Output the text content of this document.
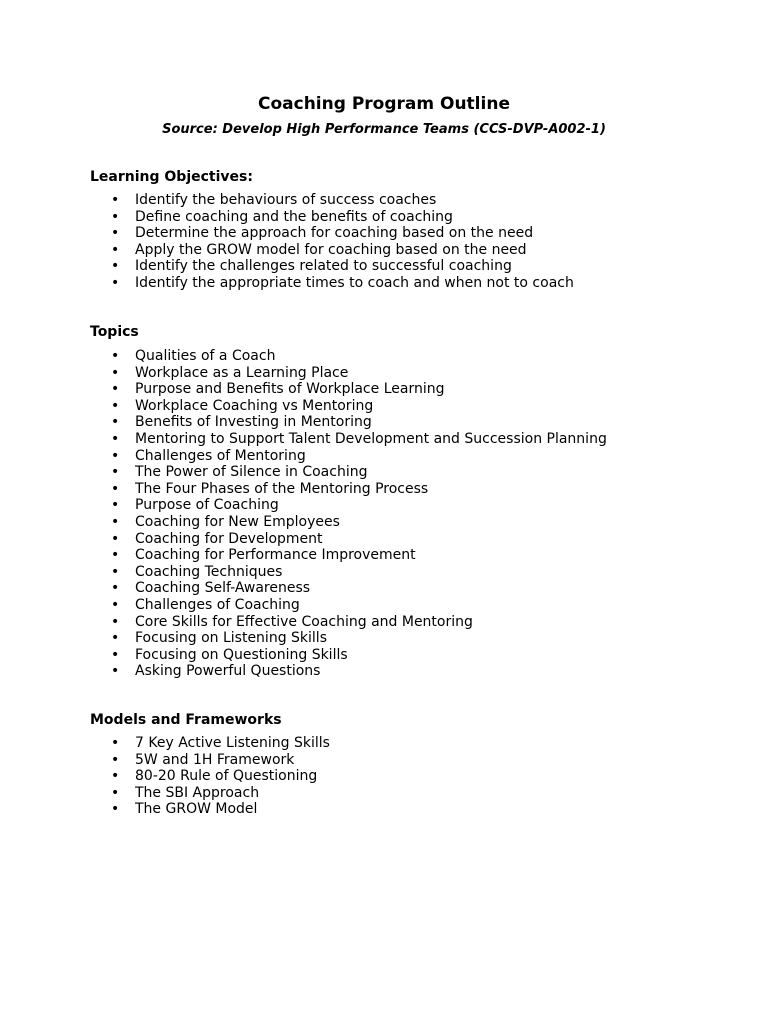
Coaching Program Outline
Source: Develop High Performance Teams (CCS-DVP-A002-1)
Learning Objectives:
• Identify the behaviours of success coaches
• Define coaching and the benefits of coaching
• Determine the approach for coaching based on the need
• Apply the GROW model for coaching based on the need
• Identify the challenges related to successful coaching
• Identify the appropriate times to coach and when not to coach
Topics
• Qualities of a Coach
• Workplace as a Learning Place
• Purpose and Benefits of Workplace Learning
• Workplace Coaching vs Mentoring
• Benefits of Investing in Mentoring
• Mentoring to Support Talent Development and Succession Planning
• Challenges of Mentoring
• The Power of Silence in Coaching
• The Four Phases of the Mentoring Process
• Purpose of Coaching
• Coaching for New Employees
• Coaching for Development
• Coaching for Performance Improvement
• Coaching Techniques
• Coaching Self-Awareness
• Challenges of Coaching
• Core Skills for Effective Coaching and Mentoring
• Focusing on Listening Skills
• Focusing on Questioning Skills
• Asking Powerful Questions
Models and Frameworks
• 7 Key Active Listening Skills
• 5W and 1H Framework
• 80-20 Rule of Questioning
• The SBI Approach
• The GROW Model
